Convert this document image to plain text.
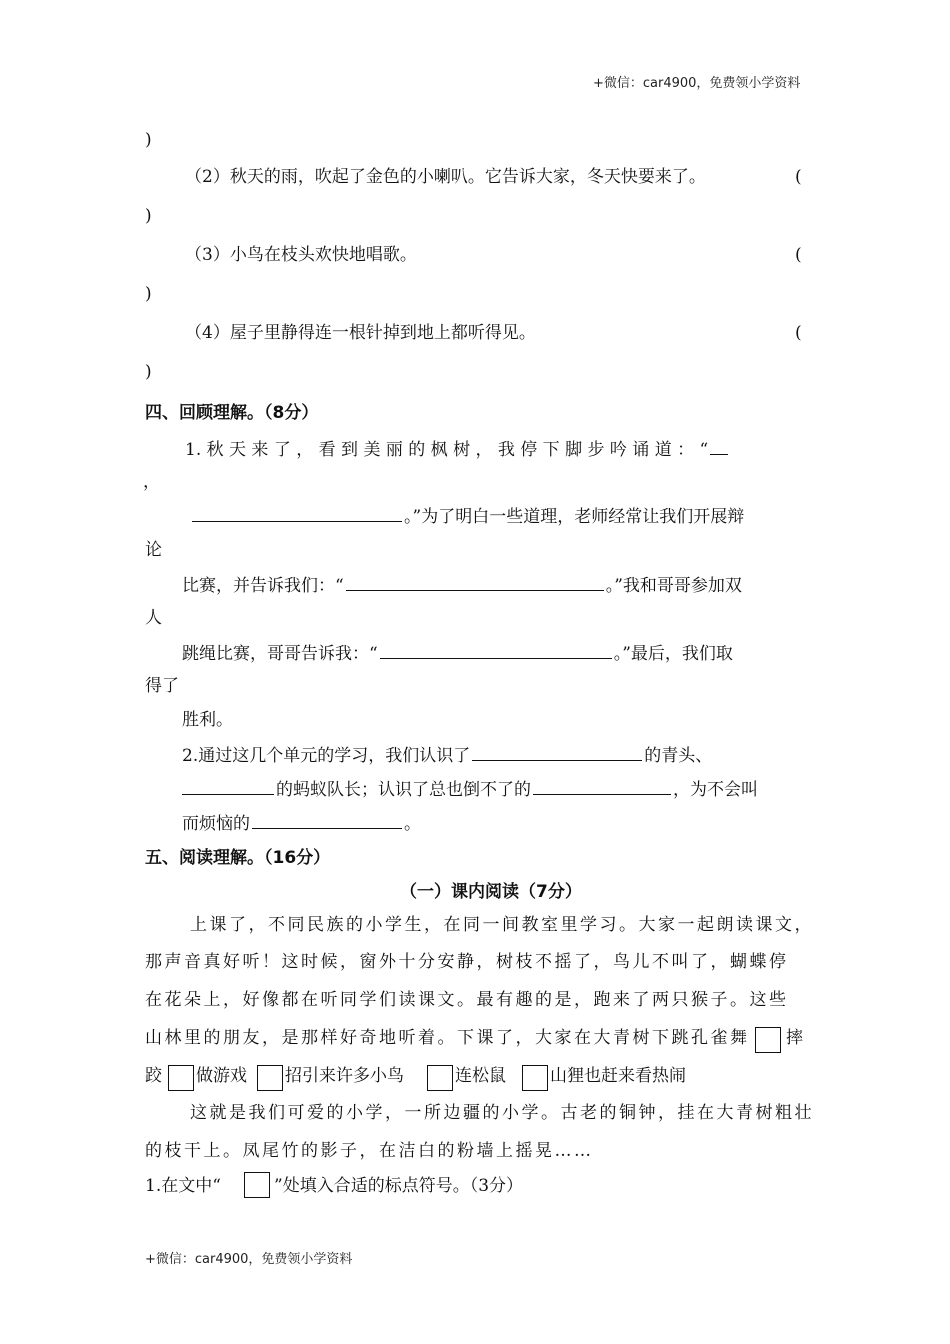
+微信：car4900，免费领小学资料
)
（2）秋天的雨，吹起了金色的小喇叭。它告诉大家，冬天快要来了。	(
)
（3）小鸟在枝头欢快地唱歌。	(
)
（4）屋子里静得连一根针掉到地上都听得见。	(
)
四、回顾理解。（8分）
1. 秋 天 来 了 ， 看 到 美 丽 的 枫 树 ， 我 停 下 脚 步 吟 诵 道 ： “
，
。”为了明白一些道理，老师经常让我们开展辩
论
比赛，并告诉我们：“	。”我和哥哥参加双
人
跳绳比赛，哥哥告诉我：“	。”最后，我们取
得了
胜利。
2.通过这几个单元的学习，我们认识了	的青头、
的蚂蚁队长；认识了总也倒不了的	，为不会叫
而烦恼的	。
五、阅读理解。（16分）
（一）课内阅读（7分）
上课了，不同民族的小学生，在同一间教室里学习。大家一起朗读课文，
那声音真好听！这时候，窗外十分安静，树枝不摇了，鸟儿不叫了，蝴蝶停
在花朵上，好像都在听同学们读课文。最有趣的是，跑来了两只猴子。这些
山林里的朋友，是那样好奇地听着。下课了，大家在大青树下跳孔雀舞 摔
跤 做游戏 招引来许多小鸟	连松鼠	山狸也赶来看热闹
这就是我们可爱的小学，一所边疆的小学。古老的铜钟，挂在大青树粗壮
的枝干上。凤尾竹的影子，在洁白的粉墙上摇晃……
1.在文中“	”处填入合适的标点符号。（3分）
+微信：car4900，免费领小学资料
